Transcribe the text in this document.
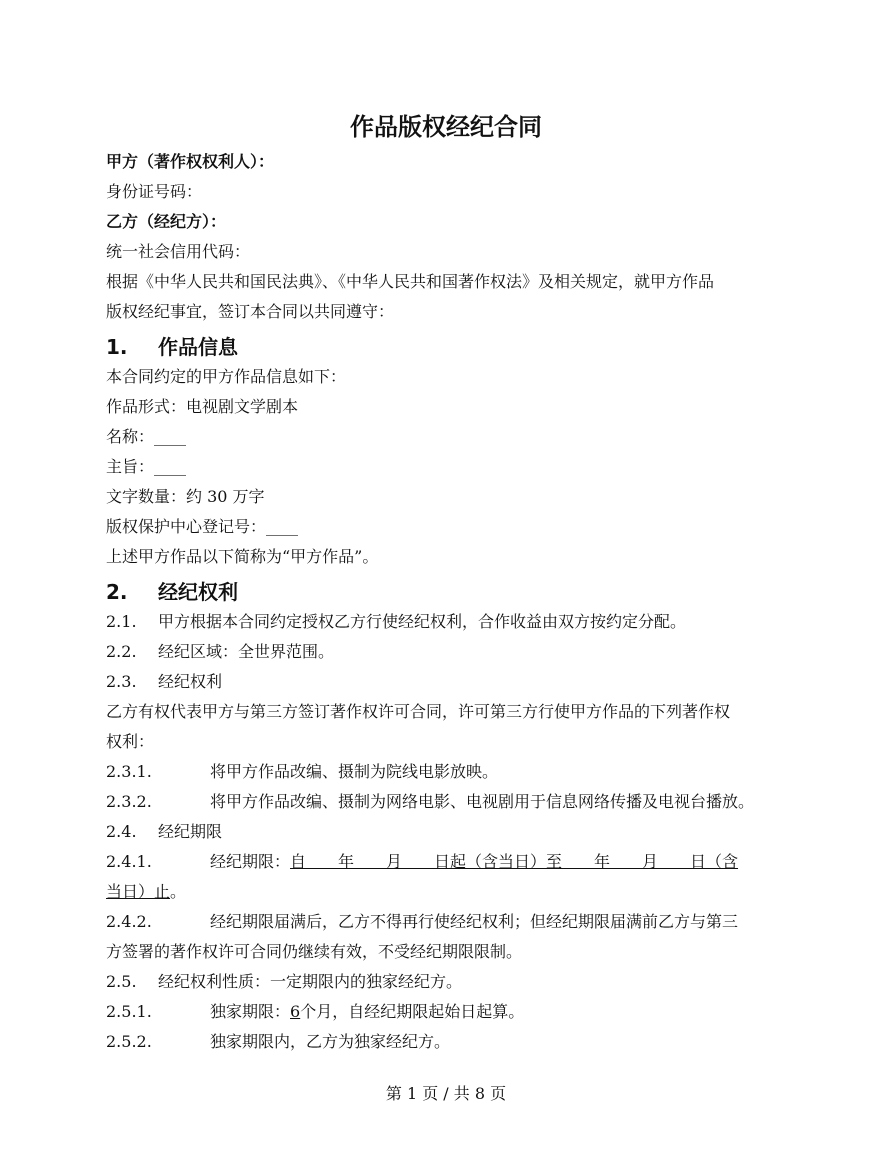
作品版权经纪合同
甲方（著作权权利人）：
身份证号码：
乙方（经纪方）：
统一社会信用代码：
根据《中华人民共和国民法典》、《中华人民共和国著作权法》及相关规定，就甲方作品
版权经纪事宜，签订本合同以共同遵守：
1. 作品信息
本合同约定的甲方作品信息如下：
作品形式：电视剧文学剧本
名称：____
主旨：____
文字数量：约 30 万字
版权保护中心登记号：____
上述甲方作品以下简称为“甲方作品”。
2. 经纪权利
2.1. 甲方根据本合同约定授权乙方行使经纪权利，合作收益由双方按约定分配。
2.2. 经纪区域：全世界范围。
2.3. 经纪权利
乙方有权代表甲方与第三方签订著作权许可合同，许可第三方行使甲方作品的下列著作权
权利：
2.3.1.	将甲方作品改编、摄制为院线电影放映。
2.3.2.	将甲方作品改编、摄制为网络电影、电视剧用于信息网络传播及电视台播放。
2.4. 经纪期限
2.4.1.	经纪期限：自　　年　　月　　日起（含当日）至　　年　　月　　日（含
当日）止。
2.4.2.	经纪期限届满后，乙方不得再行使经纪权利；但经纪期限届满前乙方与第三
方签署的著作权许可合同仍继续有效，不受经纪期限限制。
2.5. 经纪权利性质：一定期限内的独家经纪方。
2.5.1.	独家期限：6个月，自经纪期限起始日起算。
2.5.2.	独家期限内，乙方为独家经纪方。
第 1 页 / 共 8 页
